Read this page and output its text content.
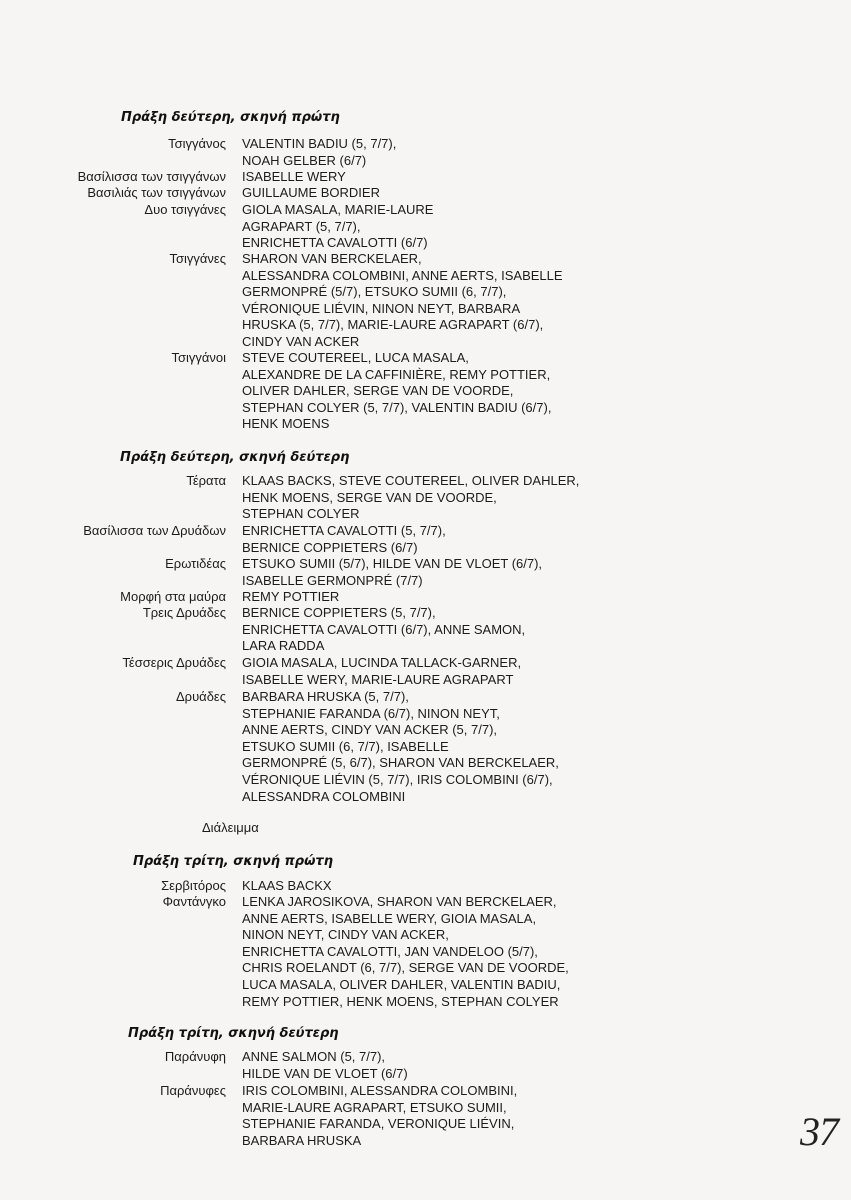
Διάλειμμα
37
Πράξη δεύτερη, σκηνή πρώτη
Τσιγγάνος VALENTIN BADIU (5, 7/7),
NOAH GELBER (6/7)
Βασίλισσα των τσιγγάνων ISABELLE WERY
Βασιλιάς των τσιγγάνων GUILLAUME BORDIER
Δυο τσιγγάνες GIOLA MASALA, MARIE-LAURE
AGRAPART (5, 7/7),
ENRICHETTA CAVALOTTI (6/7)
Τσιγγάνες SHARON VAN BERCKELAER,
ALESSANDRA COLOMBINI, ANNE AERTS, ISABELLE
GERMONPRÉ (5/7), ETSUKO SUMII (6, 7/7),
VÉRONIQUE LIÉVIN, NINON NEYT, BARBARA
HRUSKA (5, 7/7), MARIE-LAURE AGRAPART (6/7),
CINDY VAN ACKER
Τσιγγάνοι STEVE COUTEREEL, LUCA MASALA,
ALEXANDRE DE LA CAFFINIÈRE, REMY POTTIER,
OLIVER DAHLER, SERGE VAN DE VOORDE,
STEPHAN COLYER (5, 7/7), VALENTIN BADIU (6/7),
HENK MOENS
Πράξη δεύτερη, σκηνή δεύτερη
Τέρατα KLAAS BACKS, STEVE COUTEREEL, OLIVER DAHLER,
HENK MOENS, SERGE VAN DE VOORDE,
STEPHAN COLYER
Βασίλισσα των Δρυάδων ENRICHETTA CAVALOTTI (5, 7/7),
BERNICE COPPIETERS (6/7)
Ερωτιδέας ETSUKO SUMII (5/7), HILDE VAN DE VLOET (6/7),
ISABELLE GERMONPRÉ (7/7)
Μορφή στα μαύρα REMY POTTIER
Τρεις Δρυάδες BERNICE COPPIETERS (5, 7/7),
ENRICHETTA CAVALOTTI (6/7), ANNE SAMON,
LARA RADDA
Τέσσερις Δρυάδες GIOIA MASALA, LUCINDA TALLACK-GARNER,
ISABELLE WERY, MARIE-LAURE AGRAPART
Δρυάδες BARBARA HRUSKA (5, 7/7),
STEPHANIE FARANDA (6/7), NINON NEYT,
ANNE AERTS, CINDY VAN ACKER (5, 7/7),
ETSUKO SUMII (6, 7/7), ISABELLE
GERMONPRÉ (5, 6/7), SHARON VAN BERCKELAER,
VÉRONIQUE LIÉVIN (5, 7/7), IRIS COLOMBINI (6/7),
ALESSANDRA COLOMBINI
Πράξη τρίτη, σκηνή πρώτη
Σερβιτόρος KLAAS BACKX
Φαντάνγκο LENKA JAROSIKOVA, SHARON VAN BERCKELAER,
ANNE AERTS, ISABELLE WERY, GIOIA MASALA,
NINON NEYT, CINDY VAN ACKER,
ENRICHETTA CAVALOTTI, JAN VANDELOO (5/7),
CHRIS ROELANDT (6, 7/7), SERGE VAN DE VOORDE,
LUCA MASALA, OLIVER DAHLER, VALENTIN BADIU,
REMY POTTIER, HENK MOENS, STEPHAN COLYER
Πράξη τρίτη, σκηνή δεύτερη
Παράνυφη ANNE SALMON (5, 7/7),
HILDE VAN DE VLOET (6/7)
Παράνυφες IRIS COLOMBINI, ALESSANDRA COLOMBINI,
MARIE-LAURE AGRAPART, ETSUKO SUMII,
STEPHANIE FARANDA, VERONIQUE LIÉVIN,
BARBARA HRUSKA
